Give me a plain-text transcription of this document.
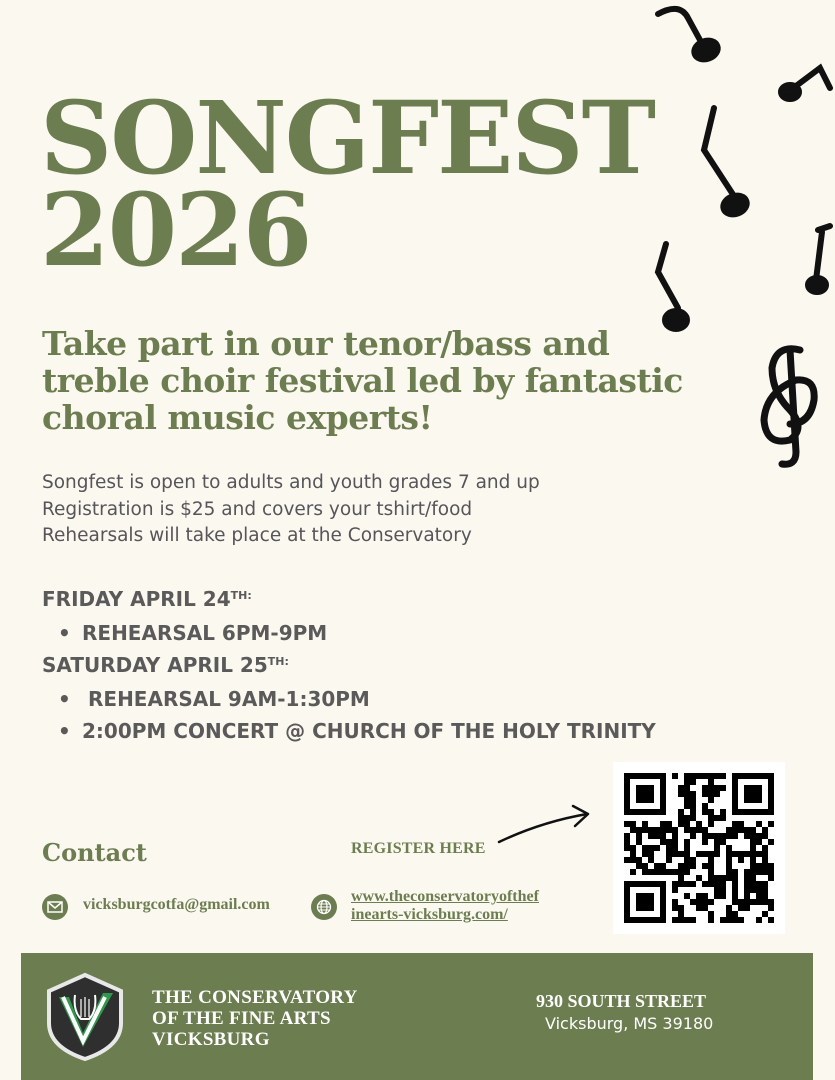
SONGFEST
2026

Take part in our tenor/bass and treble choir festival led by fantastic choral music experts!

Songfest is open to adults and youth grades 7 and up
Registration is $25 and covers your tshirt/food
Rehearsals will take place at the Conservatory
FRIDAY APRIL $24^{TH:}$
• REHEARSAL 6PM-9PM
SATURDAY APRIL $25^{TH:}$
• REHEARSAL 9AM-1:30PM
• 2:00PM CONCERT @ CHURCH OF THE HOLY TRINITY
Contact	REGISTER HERE
vicksburgcotfa@gmail.com	www.theconservatoryofthef
inearts-vicksburg.com/
THE CONSERVATORY
OF THE FINE ARTS
VICKSBURG
930 SOUTH STREET
Vicksburg, MS 39180
